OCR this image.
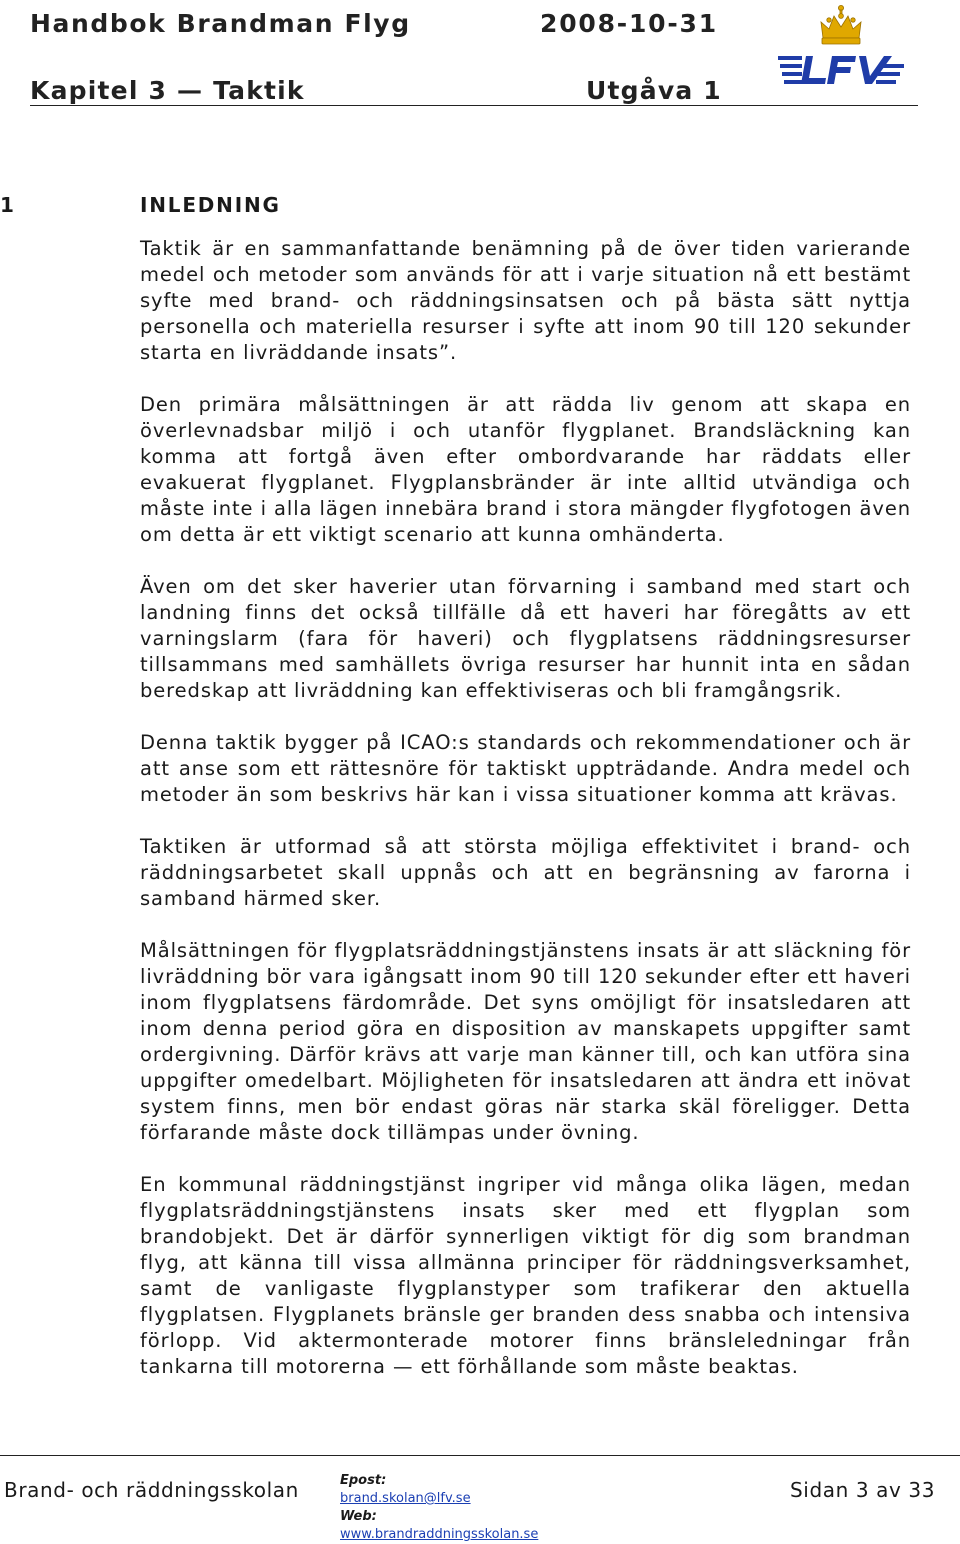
Handbok Brandman Flyg	2008-10-31
Kapitel 3 — Taktik	Utgåva 1
1	INLEDNING

Taktik är en sammanfattande benämning på de över tiden varierande medel och metoder som används för att i varje situation nå ett bestämt syfte med brand- och räddningsinsatsen och på bästa sätt nyttja personella och materiella resurser i syfte att inom 90 till 120 sekunder starta en livräddande insats”.

Den primära målsättningen är att rädda liv genom att skapa en överlevnadsbar miljö i och utanför flygplanet. Brandsläckning kan komma att fortgå även efter ombordvarande har räddats eller evakuerat flygplanet. Flygplansbränder är inte alltid utvändiga och måste inte i alla lägen innebära brand i stora mängder flygfotogen även om detta är ett viktigt scenario att kunna omhänderta.

Även om det sker haverier utan förvarning i samband med start och landning finns det också tillfälle då ett haveri har föregåtts av ett varningslarm (fara för haveri) och flygplatsens räddningsresurser tillsammans med samhällets övriga resurser har hunnit inta en sådan beredskap att livräddning kan effektiviseras och bli framgångsrik.

Denna taktik bygger på ICAO:s standards och rekommendationer och är att anse som ett rättesnöre för taktiskt uppträdande. Andra medel och metoder än som beskrivs här kan i vissa situationer komma att krävas.

Taktiken är utformad så att största möjliga effektivitet i brand- och räddningsarbetet skall uppnås och att en begränsning av farorna i samband härmed sker.

Målsättningen för flygplatsräddningstjänstens insats är att släckning för livräddning bör vara igångsatt inom 90 till 120 sekunder efter ett haveri inom flygplatsens färdområde. Det syns omöjligt för insatsledaren att inom denna period göra en disposition av manskapets uppgifter samt ordergivning. Därför krävs att varje man känner till, och kan utföra sina uppgifter omedelbart. Möjligheten för insatsledaren att ändra ett inövat system finns, men bör endast göras när starka skäl föreligger. Detta förfarande måste dock tillämpas under övning.

En kommunal räddningstjänst ingriper vid många olika lägen, medan flygplatsräddningstjänstens insats sker med ett flygplan som brandobjekt. Det är därför synnerligen viktigt för dig som brandman flyg, att känna till vissa allmänna principer för räddningsverksamhet, samt de vanligaste flygplanstyper som trafikerar den aktuella flygplatsen. Flygplanets bränsle ger branden dess snabba och intensiva förlopp. Vid aktermonterade motorer finns bränsleledningar från tankarna till motorerna — ett förhållande som måste beaktas.

Brand- och räddningsskolan	Epost:
brand.skolan@lfv.se
Web:
www.brandraddningsskolan.se
Sidan 3 av 33
